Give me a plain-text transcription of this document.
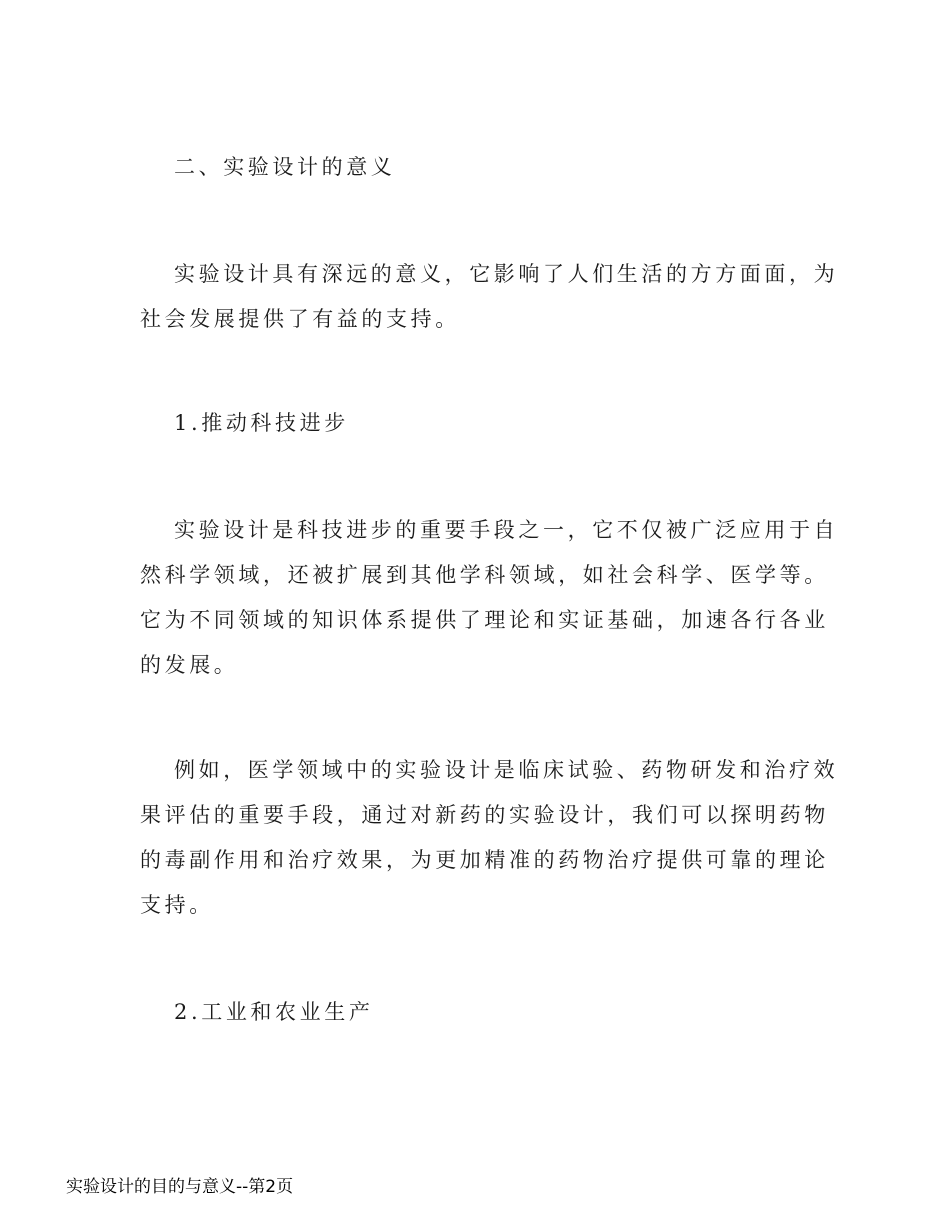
二、实验设计的意义
实验设计具有深远的意义，它影响了人们生活的方方面面，为
社会发展提供了有益的支持。
1.推动科技进步
实验设计是科技进步的重要手段之一，它不仅被广泛应用于自
然科学领域，还被扩展到其他学科领域，如社会科学、医学等。
它为不同领域的知识体系提供了理论和实证基础，加速各行各业
的发展。
例如，医学领域中的实验设计是临床试验、药物研发和治疗效
果评估的重要手段，通过对新药的实验设计，我们可以探明药物
的毒副作用和治疗效果，为更加精准的药物治疗提供可靠的理论
支持。
2.工业和农业生产
实验设计的目的与意义--第2页
